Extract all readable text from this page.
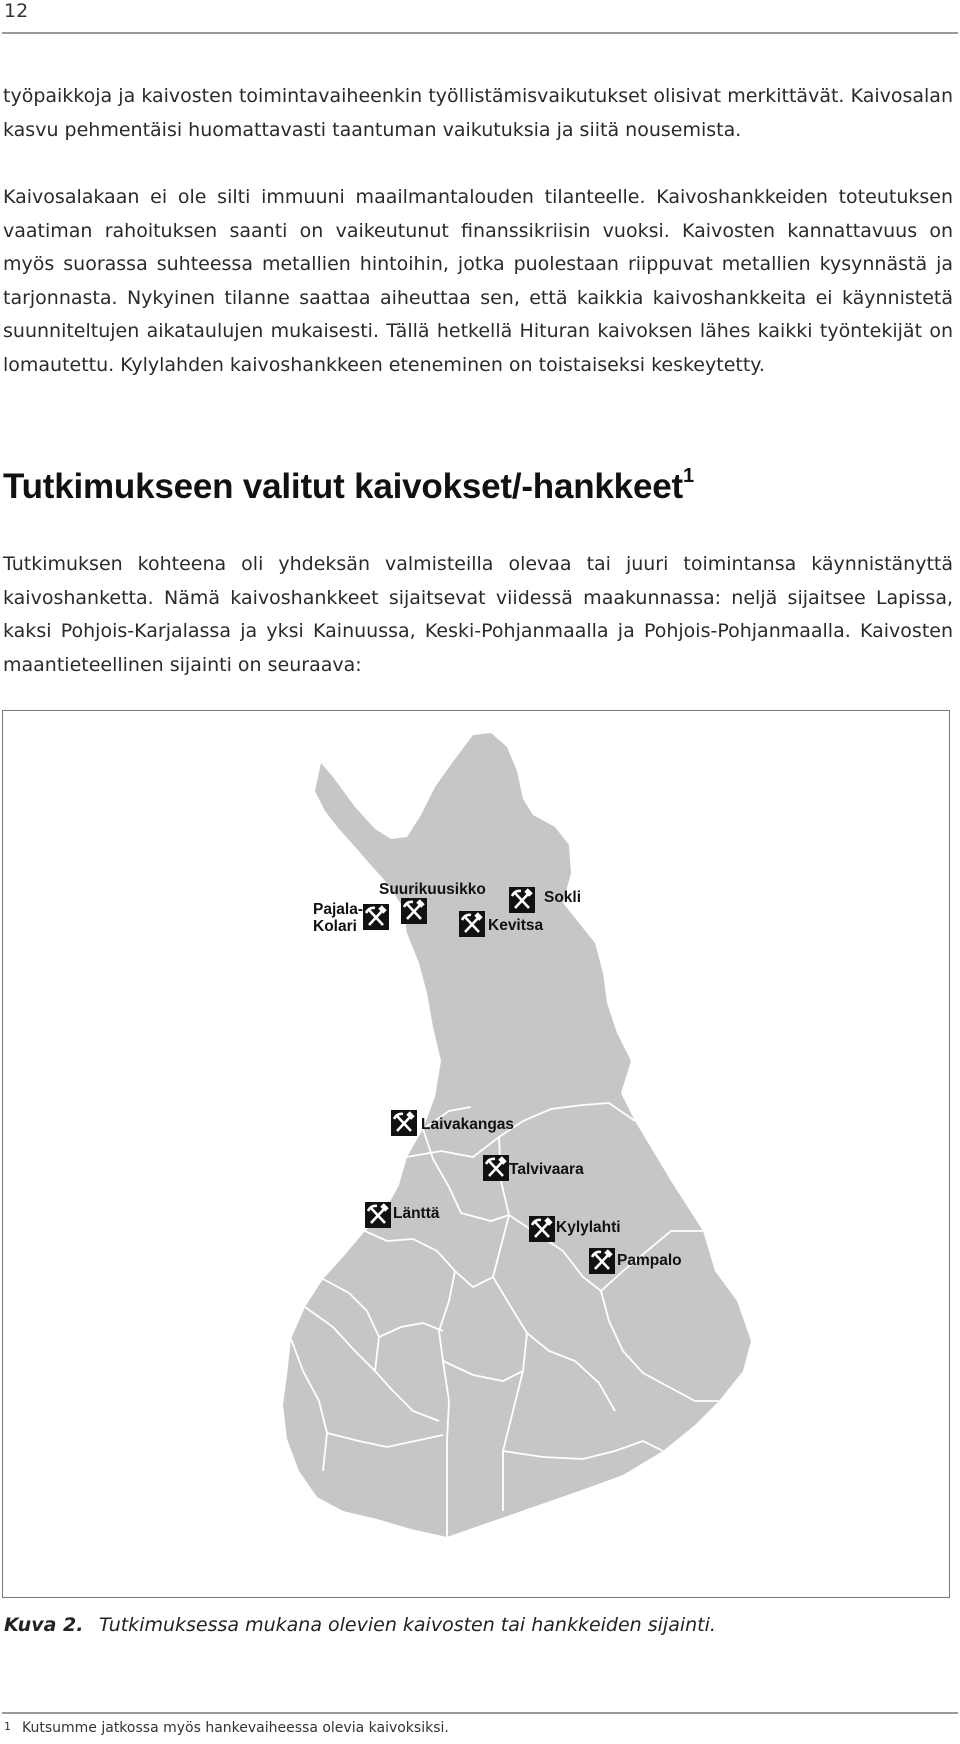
12

työpaikkoja ja kaivosten toimintavaiheenkin työllistämisvaikutukset olisivat merkittävät. Kaivosalan kasvu pehmentäisi huomattavasti taantuman vaikutuksia ja siitä nousemista.

Kaivosalakaan ei ole silti immuuni maailmantalouden tilanteelle. Kaivoshankkeiden toteutuksen vaatiman rahoituksen saanti on vaikeutunut finanssikriisin vuoksi. Kaivosten kannattavuus on myös suorassa suhteessa metallien hintoihin, jotka puolestaan riippuvat metallien kysynnästä ja tarjonnasta. Nykyinen tilanne saattaa aiheuttaa sen, että kaikkia kaivoshankkeita ei käynnistetä suunniteltujen aikataulujen mukaisesti. Tällä hetkellä Hituran kaivoksen lähes kaikki työntekijät on lomautettu. Kylylahden kaivoshankkeen eteneminen on toistaiseksi keskeytetty.

Tutkimukseen valitut kaivokset/-hankkeet$^1$

Tutkimuksen kohteena oli yhdeksän valmisteilla olevaa tai juuri toimintansa käynnistänyttä kaivoshanketta. Nämä kaivoshankkeet sijaitsevat viidessä maakunnassa: neljä sijaitsee Lapissa, kaksi Pohjois-Karjalassa ja yksi Kainuussa, Keski-Pohjanmaalla ja Pohjois-Pohjanmaalla. Kaivosten maantieteellinen sijainti on seuraava:

Suurikuusikko
Pajala-
Kolari
Sokli
Kevitsa
Laivakangas
Talvivaara
Länttä
Kylylahti
Pampalo
Kuva 2. Tutkimuksessa mukana olevien kaivosten tai hankkeiden sijainti.
1 Kutsumme jatkossa myös hankevaiheessa olevia kaivoksiksi.
